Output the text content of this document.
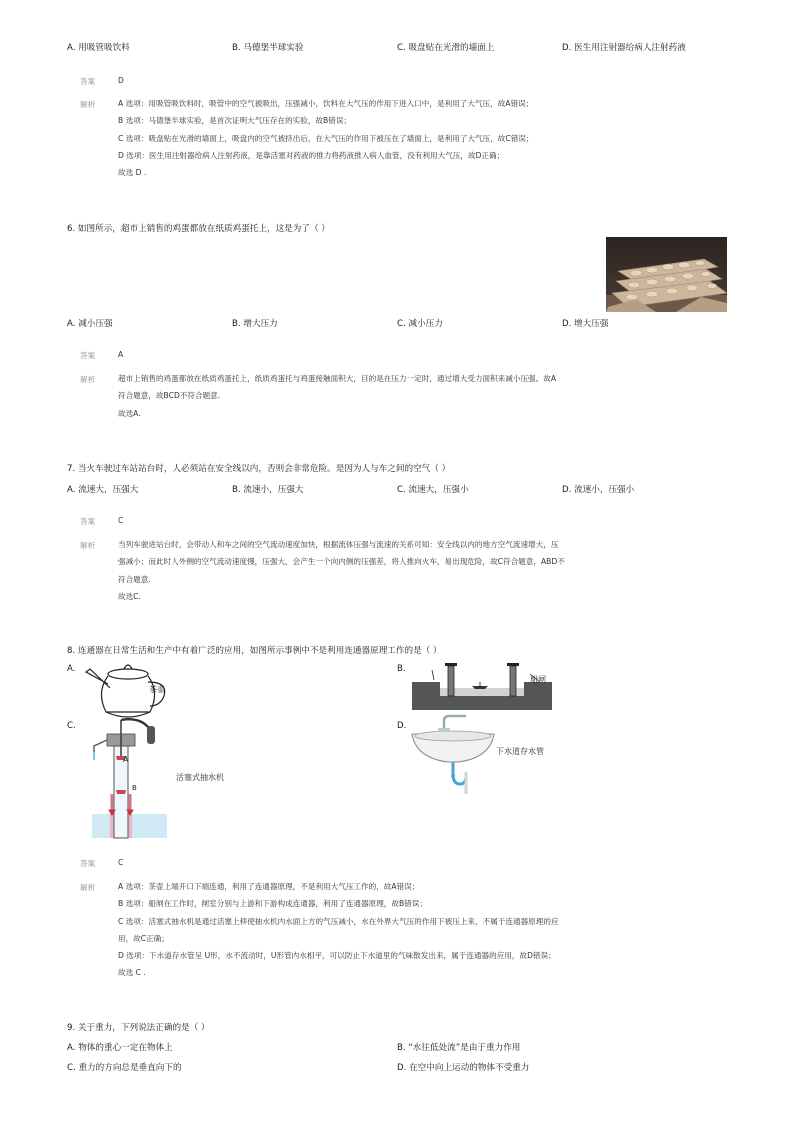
A. 用吸管吸饮料	B. 马德堡半球实验	C. 吸盘贴在光滑的墙面上	D. 医生用注射器给病人注射药液
答案	D
解析	A 选项：用吸管吸饮料时，吸管中的空气被吸出，压强减小，饮料在大气压的作用下进入口中，是利用了大气压，故A错误；
B 选项：马德堡半球实验，是首次证明大气压存在的实验，故B错误；
C 选项：吸盘贴在光滑的墙面上，吸盘内的空气被挤出后，在大气压的作用下被压在了墙面上，是利用了大气压，故C错误；
D 选项：医生用注射器给病人注射药液，是靠活塞对药液的推力将药液推入病人血管，没有利用大气压，故D正确；
故选 D .
6. 如图所示，超市上销售的鸡蛋都放在纸质鸡蛋托上，这是为了（ ）
A. 减小压强	B. 增大压力	C. 减小压力	D. 增大压强
答案	A
解析	超市上销售的鸡蛋都放在纸质鸡蛋托上，纸质鸡蛋托与鸡蛋接触面积大，目的是在压力一定时，通过增大受力面积来减小压强。故A
符合题意，故BCD不符合题意.
故选A.
7. 当火车驶过车站站台时，人必须站在安全线以内，否则会非常危险。是因为人与车之间的空气（ ）
A. 流速大，压强大	B. 流速小，压强大	C. 流速大，压强小	D. 流速小，压强小
答案	C
解析	当列车驶进站台时，会带动人和车之间的空气流动速度加快，根据流体压强与流速的关系可知：安全线以内的地方空气流速增大，压
强减小；而此时人外侧的空气流动速度慢，压强大，会产生一个向内侧的压强差，将人推向火车，易出现危险，故C符合题意，ABD不
符合题意.
故选C.
8. 连通器在日常生活和生产中有着广泛的应用，如图所示事例中不是利用连通器原理工作的是（ ）
A.
茶壶
B.
船闸
C.
A
B
活塞式抽水机
D.
下水道存水管
答案	C
解析	A 选项：茶壶上端开口下端连通，利用了连通器原理，不是利用大气压工作的，故A错误；
B 选项：船闸在工作时，闸室分别与上游和下游构成连通器，利用了连通器原理，故B错误；
C 选项：活塞式抽水机是通过活塞上移使抽水机内水面上方的气压减小，水在外界大气压的作用下被压上来，不属于连通器原理的应
用，故C正确；
D 选项：下水道存水管呈 U形，水不流动时，U形管内水相平，可以防止下水道里的气味散发出来，属于连通器的应用，故D错误；
故选 C .
9. 关于重力，下列说法正确的是（ ）
A. 物体的重心一定在物体上	B. “水往低处流”是由于重力作用
C. 重力的方向总是垂直向下的	D. 在空中向上运动的物体不受重力
